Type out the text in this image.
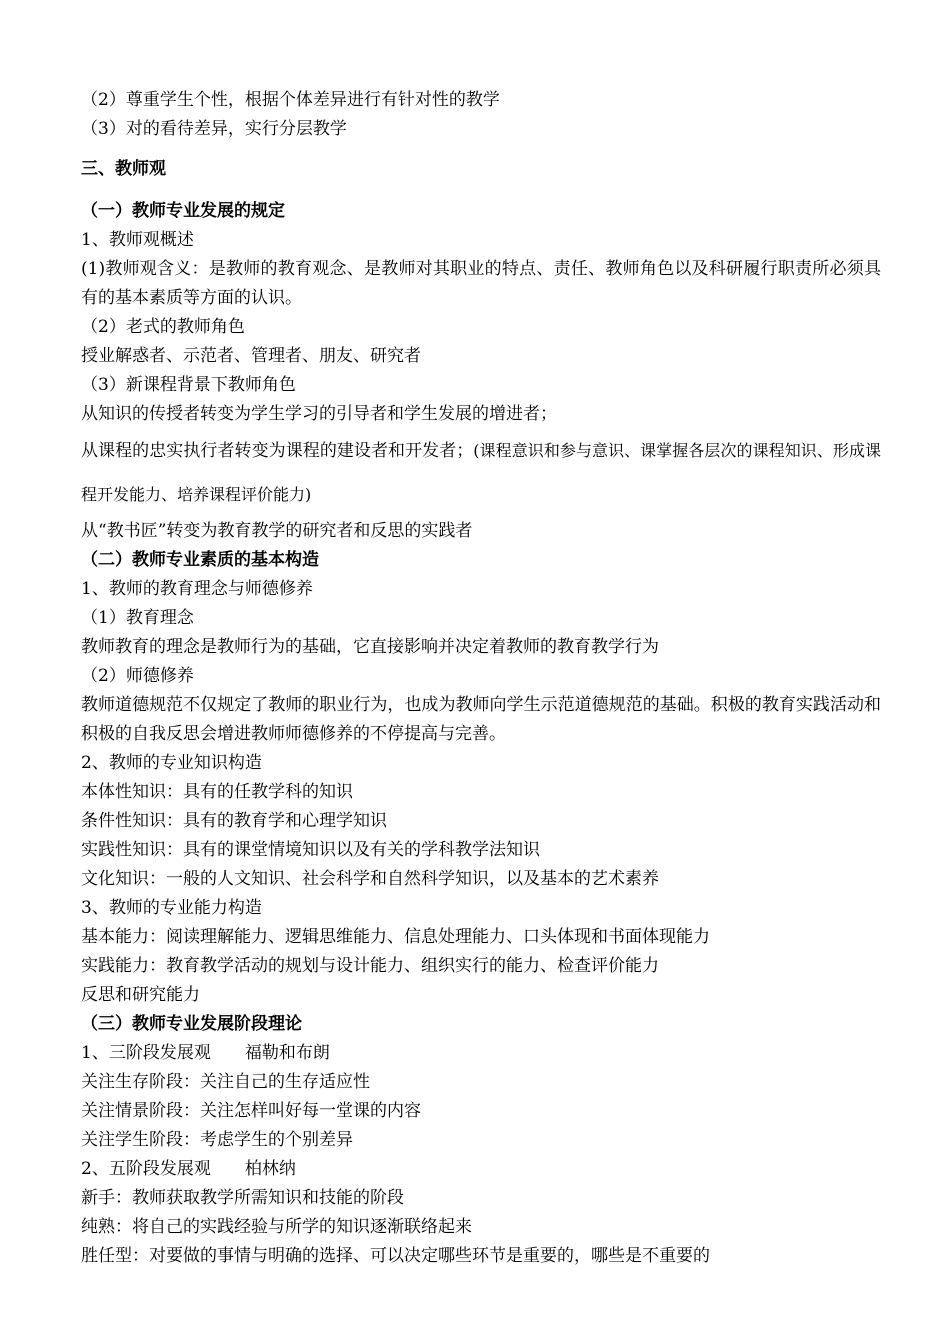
（2）尊重学生个性，根据个体差异进行有针对性的教学
（3）对的看待差异，实行分层教学
三、教师观
（一）教师专业发展的规定
1、教师观概述
(1)教师观含义：是教师的教育观念、是教师对其职业的特点、责任、教师角色以及科研履行职责所必须具有的基本素质等方面的认识。
（2）老式的教师角色
授业解惑者、示范者、管理者、朋友、研究者
（3）新课程背景下教师角色
从知识的传授者转变为学生学习的引导者和学生发展的增进者；
从课程的忠实执行者转变为课程的建设者和开发者；(课程意识和参与意识、课掌握各层次的课程知识、形成课程开发能力、培养课程评价能力)
从“教书匠”转变为教育教学的研究者和反思的实践者
（二）教师专业素质的基本构造
1、教师的教育理念与师德修养
（1）教育理念
教师教育的理念是教师行为的基础，它直接影响并决定着教师的教育教学行为
（2）师德修养
教师道德规范不仅规定了教师的职业行为，也成为教师向学生示范道德规范的基础。积极的教育实践活动和积极的自我反思会增进教师师德修养的不停提高与完善。
2、教师的专业知识构造
本体性知识：具有的任教学科的知识
条件性知识：具有的教育学和心理学知识
实践性知识：具有的课堂情境知识以及有关的学科教学法知识
文化知识：一般的人文知识、社会科学和自然科学知识，以及基本的艺术素养
3、教师的专业能力构造
基本能力：阅读理解能力、逻辑思维能力、信息处理能力、口头体现和书面体现能力
实践能力：教育教学活动的规划与设计能力、组织实行的能力、检查评价能力
反思和研究能力
（三）教师专业发展阶段理论
1、三阶段发展观　　福勒和布朗
关注生存阶段：关注自己的生存适应性
关注情景阶段：关注怎样叫好每一堂课的内容
关注学生阶段：考虑学生的个别差异
2、五阶段发展观　　柏林纳
新手：教师获取教学所需知识和技能的阶段
纯熟：将自己的实践经验与所学的知识逐渐联络起来
胜任型：对要做的事情与明确的选择、可以决定哪些环节是重要的，哪些是不重要的
